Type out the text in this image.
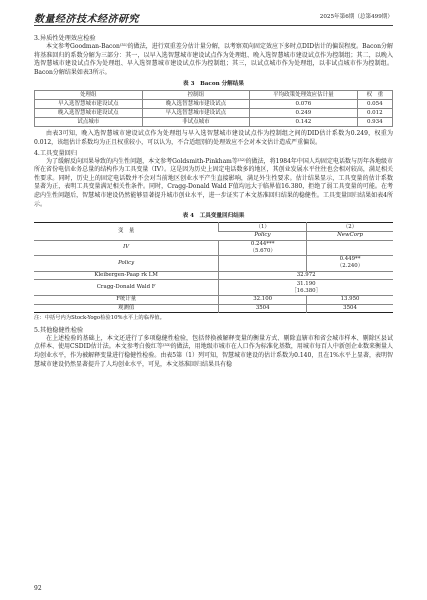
数量经济技术经济研究	2025年第6期（总第499期）

3.异质性处理效应检验

本文参考Goodman-Bacon⁽³¹⁾的做法，进行双重差分估计量分解，以考察双向固定效应下多时点DID估计的偏误程度。Bacon分解将基准回归的系数分解为三部分：其一，以早入选智慧城市建设试点作为处理组、晚入选智慧城市建设试点作为控制组；其二，以晚入选智慧城市建设试点作为处理组、早入选智慧城市建设试点作为控制组；其三，以试点城市作为处理组，以非试点城市作为控制组。Bacon分解结果如表3所示。

表 3　Bacon 分解结果
处理组	控制组	平均政策处理效应估计量	权　重
早入选智慧城市建设试点	晚入选智慧城市建设试点	0.076	0.054
晚入选智慧城市建设试点	早入选智慧城市建设试点	0.249	0.012
试点城市	非试点城市	0.142	0.934

由表3可知，晚入选智慧城市建设试点作为处理组与早入选智慧城市建设试点作为控制组之间的DID估计系数为0.249，权重为0.012，该组估计系数均为正且权重较小，可以认为，不合适组别的处理效应不会对本文估计造成严重偏误。

4.工具变量回归

为了缓解反向因果导致的内生性问题，本文参考Goldsmith-Pinkham等⁽³²⁾的做法，将1984年中国人均固定电话数与历年各地级市所在省份电信业务总量的结构作为工具变量（IV）。这是因为历史上固定电话数多的地区，其创业发展水平往往也会相对较高，满足相关性要求。同时，历史上的固定电话数并不会对当前地区创业水平产生直接影响，满足外生性要求。估计结果显示，工具变量的估计系数显著为正，表明工具变量满足相关性条件。同时，Cragg-Donald Wald F值均远大于临界值16.380，拒绝了弱工具变量的可能。在考虑内生性问题后，智慧城市建设仍然能够显著提升城市创业水平，进一步证实了本文基准回归结果的稳健性。工具变量回归结果如表4所示。

表 4　工具变量回归结果
变　量	（1）	（2）
	Policy	NewCorp
IV	0.244***
（5.670）	
Policy		0.449**
（2.240）
Kleibergen-Paap rk LM	32.972	
Cragg-Donald Wald F	31.190
［16.380］	
F统计量	32.100	13.950
观测值	3504	3504
注：中括号内为Stock-Yogo检验10%水平上的临界值。

5.其他稳健性检验

在上述检验的基础上，本文还进行了多项稳健性检验，包括替换被解释变量的衡量方式、剔除直辖市和省会城市样本、剔除区县试点样本、使用CSDID估计法。本文参考白俊红等⁽³³⁾的做法，用地级市城市在人口作为标准化基数，用城市每百人中新创企业数来衡量人均创业水平，作为被解释变量进行稳健性检验。由表5第（1）列可知，智慧城市建设的估计系数为0.140，且在1%水平上显著，表明智慧城市建设仍然显著提升了人均创业水平，可见，本文基准回归结果具有稳

92
